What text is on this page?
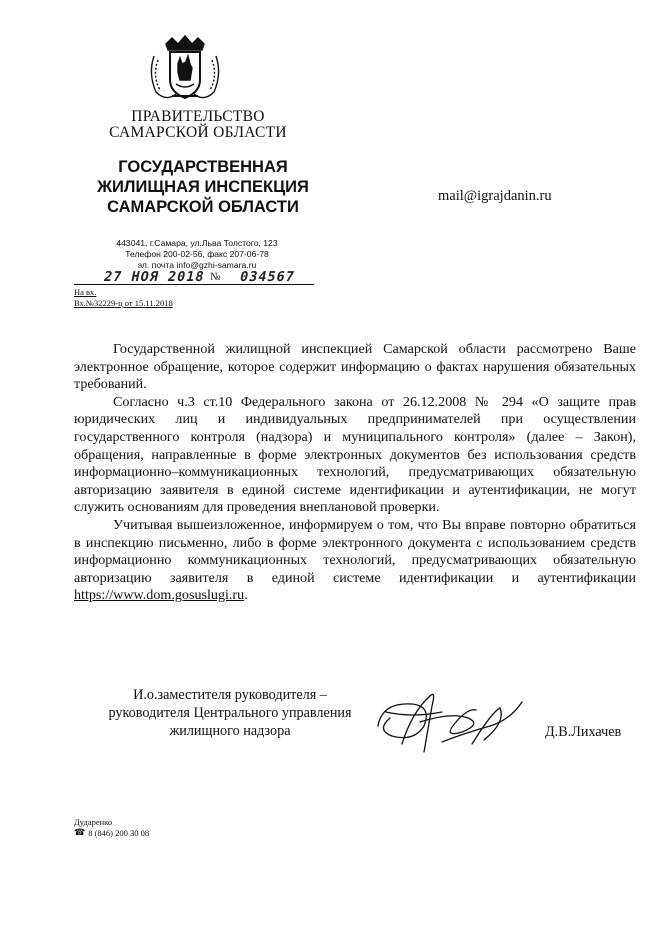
ПРАВИТЕЛЬСТВО
САМАРСКОЙ ОБЛАСТИ
ГОСУДАРСТВЕННАЯ
ЖИЛИЩНАЯ ИНСПЕКЦИЯ
САМАРСКОЙ ОБЛАСТИ
mail@igrajdanin.ru
443041, г.Самара, ул.Льва Толстого, 123
Телефон 200-02-56, факс 207-06-78
эл. почта info@gzhi-samara.ru
27 НОЯ 2018 № 034567
На вх.
Вх.№32229-ц от 15.11.2018

Государственной жилищной инспекцией Самарской области рассмотрено Ваше электронное обращение, которое содержит информацию о фактах нарушения обязательных требований.

Согласно ч.3 ст.10 Федерального закона от 26.12.2008 № 294 «О защите прав юридических лиц и индивидуальных предпринимателей при осуществлении государственного контроля (надзора) и муниципального контроля» (далее – Закон), обращения, направленные в форме электронных документов без использования средств информационно–коммуникационных технологий, предусматривающих обязательную авторизацию заявителя в единой системе идентификации и аутентификации, не могут служить основаниям для проведения внеплановой проверки.

Учитывая вышеизложенное, информируем о том, что Вы вправе повторно обратиться в инспекцию письменно, либо в форме электронного документа с использованием средств информационно коммуникационных технологий, предусматривающих обязательную авторизацию заявителя в единой системе идентификации и аутентификации https://www.dom.gosuslugi.ru.

И.о.заместителя руководителя –
руководителя Центрального управления
жилищного надзора	Д.В.Лихачев
Дударенко
☎ 8 (846) 200 30 08
